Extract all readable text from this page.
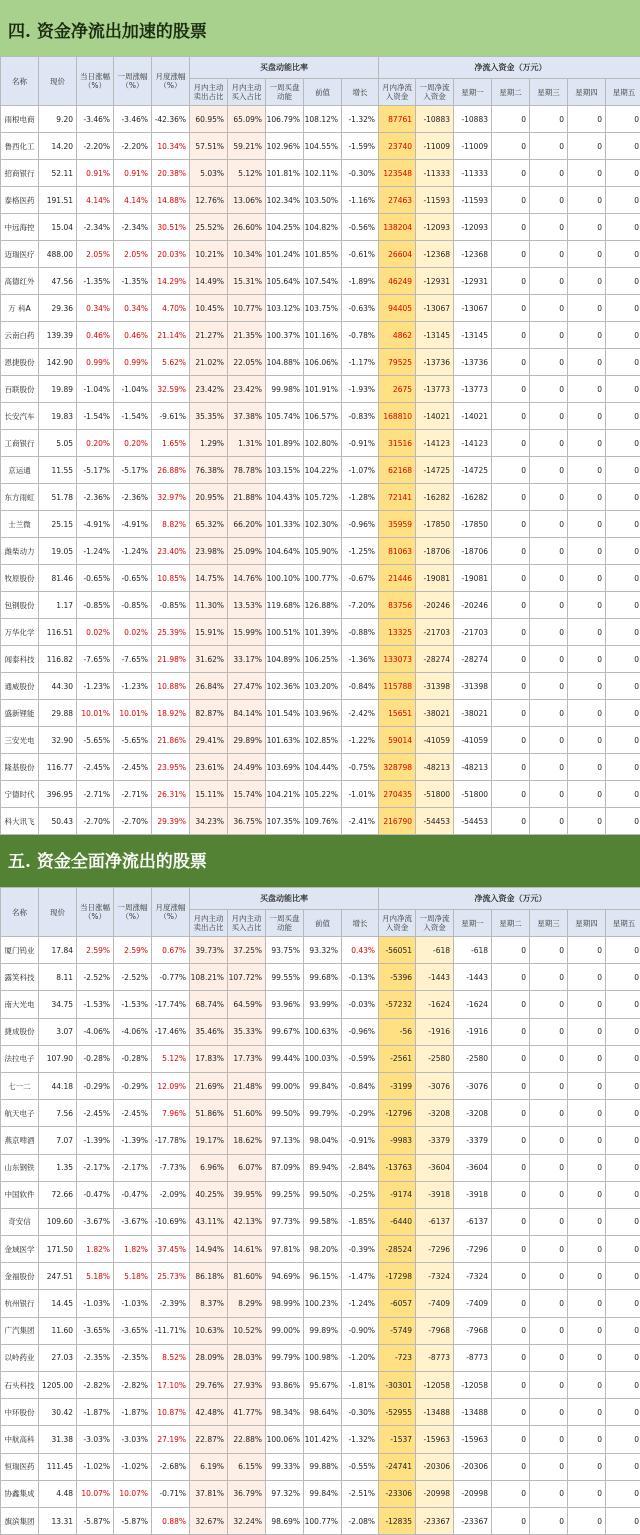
四. 资金净流出加速的股票
名称	现价	当日涨幅（%）	一周涨幅（%）	月度涨幅（%）	买盘动能比率					净流入资金（万元）						
					月内主动卖出占比	月内主动买入占比	一周买盘动能	前值	增长	月内净流入资金	一周净流入资金	星期一	星期二	星期三	星期四	星期五
雨根电商	9.20	-3.46%	-3.46%	-42.36%	60.95%	65.09%	106.79%	108.12%	-1.32%	87761	-10883	-10883	0	0	0	0
鲁西化工	14.20	-2.20%	-2.20%	10.34%	57.51%	59.21%	102.96%	104.55%	-1.59%	23740	-11009	-11009	0	0	0	0
招商银行	52.11	0.91%	0.91%	20.38%	5.03%	5.12%	101.81%	102.11%	-0.30%	123548	-11333	-11333	0	0	0	0
泰格医药	191.51	4.14%	4.14%	14.88%	12.76%	13.06%	102.34%	103.50%	-1.16%	27463	-11593	-11593	0	0	0	0
中远海控	15.04	-2.34%	-2.34%	30.51%	25.52%	26.60%	104.25%	104.82%	-0.56%	138204	-12093	-12093	0	0	0	0
迈瑞医疗	488.00	2.05%	2.05%	20.03%	10.21%	10.34%	101.24%	101.85%	-0.61%	26604	-12368	-12368	0	0	0	0
高德红外	47.56	-1.35%	-1.35%	14.29%	14.49%	15.31%	105.64%	107.54%	-1.89%	46249	-12931	-12931	0	0	0	0
万 科A	29.36	0.34%	0.34%	4.70%	10.45%	10.77%	103.12%	103.75%	-0.63%	94405	-13067	-13067	0	0	0	0
云南白药	139.39	0.46%	0.46%	21.14%	21.27%	21.35%	100.37%	101.16%	-0.78%	4862	-13145	-13145	0	0	0	0
恩捷股份	142.90	0.99%	0.99%	5.62%	21.02%	22.05%	104.88%	106.06%	-1.17%	79525	-13736	-13736	0	0	0	0
百联股份	19.89	-1.04%	-1.04%	32.59%	23.42%	23.42%	99.98%	101.91%	-1.93%	2675	-13773	-13773	0	0	0	0
长安汽车	19.83	-1.54%	-1.54%	-9.61%	35.35%	37.38%	105.74%	106.57%	-0.83%	168810	-14021	-14021	0	0	0	0
工商银行	5.05	0.20%	0.20%	1.65%	1.29%	1.31%	101.89%	102.80%	-0.91%	31516	-14123	-14123	0	0	0	0
京运通	11.55	-5.17%	-5.17%	26.88%	76.38%	78.78%	103.15%	104.22%	-1.07%	62168	-14725	-14725	0	0	0	0
东方雨虹	51.78	-2.36%	-2.36%	32.97%	20.95%	21.88%	104.43%	105.72%	-1.28%	72141	-16282	-16282	0	0	0	0
士兰微	25.15	-4.91%	-4.91%	8.82%	65.32%	66.20%	101.33%	102.30%	-0.96%	35959	-17850	-17850	0	0	0	0
潍柴动力	19.05	-1.24%	-1.24%	23.40%	23.98%	25.09%	104.64%	105.90%	-1.25%	81063	-18706	-18706	0	0	0	0
牧原股份	81.46	-0.65%	-0.65%	10.85%	14.75%	14.76%	100.10%	100.77%	-0.67%	21446	-19081	-19081	0	0	0	0
包钢股份	1.17	-0.85%	-0.85%	-0.85%	11.30%	13.53%	119.68%	126.88%	-7.20%	83756	-20246	-20246	0	0	0	0
万华化学	116.51	0.02%	0.02%	25.39%	15.91%	15.99%	100.51%	101.39%	-0.88%	13325	-21703	-21703	0	0	0	0
闻泰科技	116.82	-7.65%	-7.65%	21.98%	31.62%	33.17%	104.89%	106.25%	-1.36%	133073	-28274	-28274	0	0	0	0
通威股份	44.30	-1.23%	-1.23%	10.88%	26.84%	27.47%	102.36%	103.20%	-0.84%	115788	-31398	-31398	0	0	0	0
盛新锂能	29.88	10.01%	10.01%	18.92%	82.87%	84.14%	101.54%	103.96%	-2.42%	15651	-38021	-38021	0	0	0	0
三安光电	32.90	-5.65%	-5.65%	21.86%	29.41%	29.89%	101.63%	102.85%	-1.22%	59014	-41059	-41059	0	0	0	0
隆基股份	116.77	-2.45%	-2.45%	23.95%	23.61%	24.49%	103.69%	104.44%	-0.75%	328798	-48213	-48213	0	0	0	0
宁德时代	396.95	-2.71%	-2.71%	26.31%	15.11%	15.74%	104.21%	105.22%	-1.01%	270435	-51800	-51800	0	0	0	0
科大讯飞	50.43	-2.70%	-2.70%	29.39%	34.23%	36.75%	107.35%	109.76%	-2.41%	216790	-54453	-54453	0	0	0	0
五. 资金全面净流出的股票
名称	现价	当日涨幅（%）	一周涨幅（%）	月度涨幅（%）	买盘动能比率					净流入资金（万元）						
					月内主动卖出占比	月内主动买入占比	一周买盘动能	前值	增长	月内净流入资金	一周净流入资金	星期一	星期二	星期三	星期四	星期五
厦门钨业	17.84	2.59%	2.59%	0.67%	39.73%	37.25%	93.75%	93.32%	0.43%	-56051	-618	-618	0	0	0	0
露笑科技	8.11	-2.52%	-2.52%	-0.77%	108.21%	107.72%	99.55%	99.68%	-0.13%	-5396	-1443	-1443	0	0	0	0
南大光电	34.75	-1.53%	-1.53%	-17.74%	68.74%	64.59%	93.96%	93.99%	-0.03%	-57232	-1624	-1624	0	0	0	0
捷成股份	3.07	-4.06%	-4.06%	-17.46%	35.46%	35.33%	99.67%	100.63%	-0.96%	-56	-1916	-1916	0	0	0	0
法拉电子	107.90	-0.28%	-0.28%	5.12%	17.83%	17.73%	99.44%	100.03%	-0.59%	-2561	-2580	-2580	0	0	0	0
七一二	44.18	-0.29%	-0.29%	12.09%	21.69%	21.48%	99.00%	99.84%	-0.84%	-3199	-3076	-3076	0	0	0	0
航天电子	7.56	-2.45%	-2.45%	7.96%	51.86%	51.60%	99.50%	99.79%	-0.29%	-12796	-3208	-3208	0	0	0	0
燕京啤酒	7.07	-1.39%	-1.39%	-17.78%	19.17%	18.62%	97.13%	98.04%	-0.91%	-9983	-3379	-3379	0	0	0	0
山东钢铁	1.35	-2.17%	-2.17%	-7.73%	6.96%	6.07%	87.09%	89.94%	-2.84%	-13763	-3604	-3604	0	0	0	0
中国软件	72.66	-0.47%	-0.47%	-2.09%	40.25%	39.95%	99.25%	99.50%	-0.25%	-9174	-3918	-3918	0	0	0	0
奇安信	109.60	-3.67%	-3.67%	-10.69%	43.11%	42.13%	97.73%	99.58%	-1.85%	-6440	-6137	-6137	0	0	0	0
金域医学	171.50	1.82%	1.82%	37.45%	14.94%	14.61%	97.81%	98.20%	-0.39%	-28524	-7296	-7296	0	0	0	0
金福股份	247.51	5.18%	5.18%	25.73%	86.18%	81.60%	94.69%	96.15%	-1.47%	-17298	-7324	-7324	0	0	0	0
杭州银行	14.45	-1.03%	-1.03%	-2.39%	8.37%	8.29%	98.99%	100.23%	-1.24%	-6057	-7409	-7409	0	0	0	0
广汽集团	11.60	-3.65%	-3.65%	-11.71%	10.63%	10.52%	99.00%	99.89%	-0.90%	-5749	-7968	-7968	0	0	0	0
以岭药业	27.03	-2.35%	-2.35%	8.52%	28.09%	28.03%	99.79%	100.98%	-1.20%	-723	-8773	-8773	0	0	0	0
石头科技	1205.00	-2.82%	-2.82%	17.10%	29.76%	27.93%	93.86%	95.67%	-1.81%	-30301	-12058	-12058	0	0	0	0
中环股份	30.42	-1.87%	-1.87%	10.87%	42.48%	41.77%	98.34%	98.64%	-0.30%	-52955	-13488	-13488	0	0	0	0
中航高科	31.38	-3.03%	-3.03%	27.19%	22.87%	22.88%	100.06%	101.42%	-1.32%	-1537	-15963	-15963	0	0	0	0
恒瑞医药	111.45	-1.02%	-1.02%	-2.68%	6.19%	6.15%	99.33%	99.88%	-0.55%	-24741	-20306	-20306	0	0	0	0
协鑫集成	4.48	10.07%	10.07%	-0.71%	37.81%	36.79%	97.32%	99.84%	-2.51%	-23306	-20998	-20998	0	0	0	0
旗滨集团	13.31	-5.87%	-5.87%	0.88%	32.67%	32.24%	98.69%	100.77%	-2.08%	-12835	-23367	-23367	0	0	0	0
